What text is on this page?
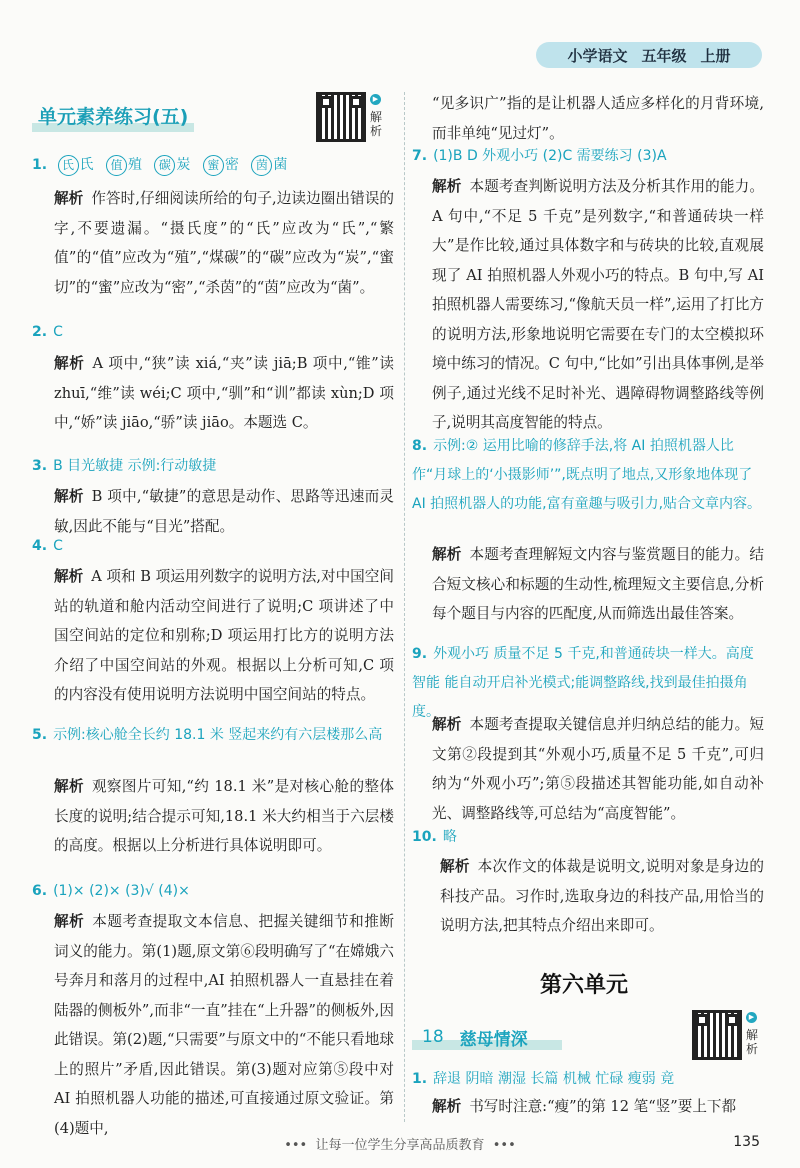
小学语文 五年级 上册
单元素养练习(五)
▶
解析
1. 氏 氏 值 殖 碳 炭 蜜 密 茵 菌
解析 作答时,仔细阅读所给的句子,边读边圈出错误的字,不要遗漏。“摄氏度”的“氏”应改为“氏”,“繁值”的“值”应改为“殖”,“煤碳”的“碳”应改为“炭”,“蜜切”的“蜜”应改为“密”,“杀茵”的“茵”应改为“菌”。
2. C
解析 A 项中,“狭”读 xiá,“夹”读 jiā;B 项中,“锥”读 zhuī,“维”读 wéi;C 项中,“驯”和“训”都读 xùn;D 项中,“娇”读 jiāo,“骄”读 jiāo。本题选 C。
3. B 目光敏捷 示例:行动敏捷
解析 B 项中,“敏捷”的意思是动作、思路等迅速而灵敏,因此不能与“目光”搭配。
4. C
解析 A 项和 B 项运用列数字的说明方法,对中国空间站的轨道和舱内活动空间进行了说明;C 项讲述了中国空间站的定位和别称;D 项运用打比方的说明方法介绍了中国空间站的外观。根据以上分析可知,C 项的内容没有使用说明方法说明中国空间站的特点。
5. 示例:核心舱全长约 18.1 米 竖起来约有六层楼那么高
解析 观察图片可知,“约 18.1 米”是对核心舱的整体长度的说明;结合提示可知,18.1 米大约相当于六层楼的高度。根据以上分析进行具体说明即可。
6. (1)× (2)× (3)√ (4)×
解析 本题考查提取文本信息、把握关键细节和推断词义的能力。第(1)题,原文第⑥段明确写了“在嫦娥六号奔月和落月的过程中,AI 拍照机器人一直悬挂在着陆器的侧板外”,而非“一直”挂在“上升器”的侧板外,因此错误。第(2)题,“只需要”与原文中的“不能只看地球上的照片”矛盾,因此错误。第(3)题对应第⑤段中对 AI 拍照机器人功能的描述,可直接通过原文验证。第(4)题中,
“见多识广”指的是让机器人适应多样化的月背环境,而非单纯“见过灯”。
7. (1)B D 外观小巧 (2)C 需要练习 (3)A
解析 本题考查判断说明方法及分析其作用的能力。A 句中,“不足 5 千克”是列数字,“和普通砖块一样大”是作比较,通过具体数字和与砖块的比较,直观展现了 AI 拍照机器人外观小巧的特点。B 句中,写 AI 拍照机器人需要练习,“像航天员一样”,运用了打比方的说明方法,形象地说明它需要在专门的太空模拟环境中练习的情况。C 句中,“比如”引出具体事例,是举例子,通过光线不足时补光、遇障碍物调整路线等例子,说明其高度智能的特点。
8. 示例:② 运用比喻的修辞手法,将 AI 拍照机器人比作“月球上的‘小摄影师’”,既点明了地点,又形象地体现了 AI 拍照机器人的功能,富有童趣与吸引力,贴合文章内容。
解析 本题考查理解短文内容与鉴赏题目的能力。结合短文核心和标题的生动性,梳理短文主要信息,分析每个题目与内容的匹配度,从而筛选出最佳答案。
9. 外观小巧 质量不足 5 千克,和普通砖块一样大。高度智能 能自动开启补光模式;能调整路线,找到最佳拍摄角度。
解析 本题考查提取关键信息并归纳总结的能力。短文第②段提到其“外观小巧,质量不足 5 千克”,可归纳为“外观小巧”;第⑤段描述其智能功能,如自动补光、调整路线等,可总结为“高度智能”。
10. 略
解析 本次作文的体裁是说明文,说明对象是身边的科技产品。习作时,选取身边的科技产品,用恰当的说明方法,把其特点介绍出来即可。
第六单元
18 慈母情深
▶
解析
1. 辞退 阴暗 潮湿 长篇 机械 忙碌 瘦弱 竟
解析 书写时注意:“瘦”的第 12 笔“竖”要上下都
•••  让每一位学生分享高品质教育  •••	135
